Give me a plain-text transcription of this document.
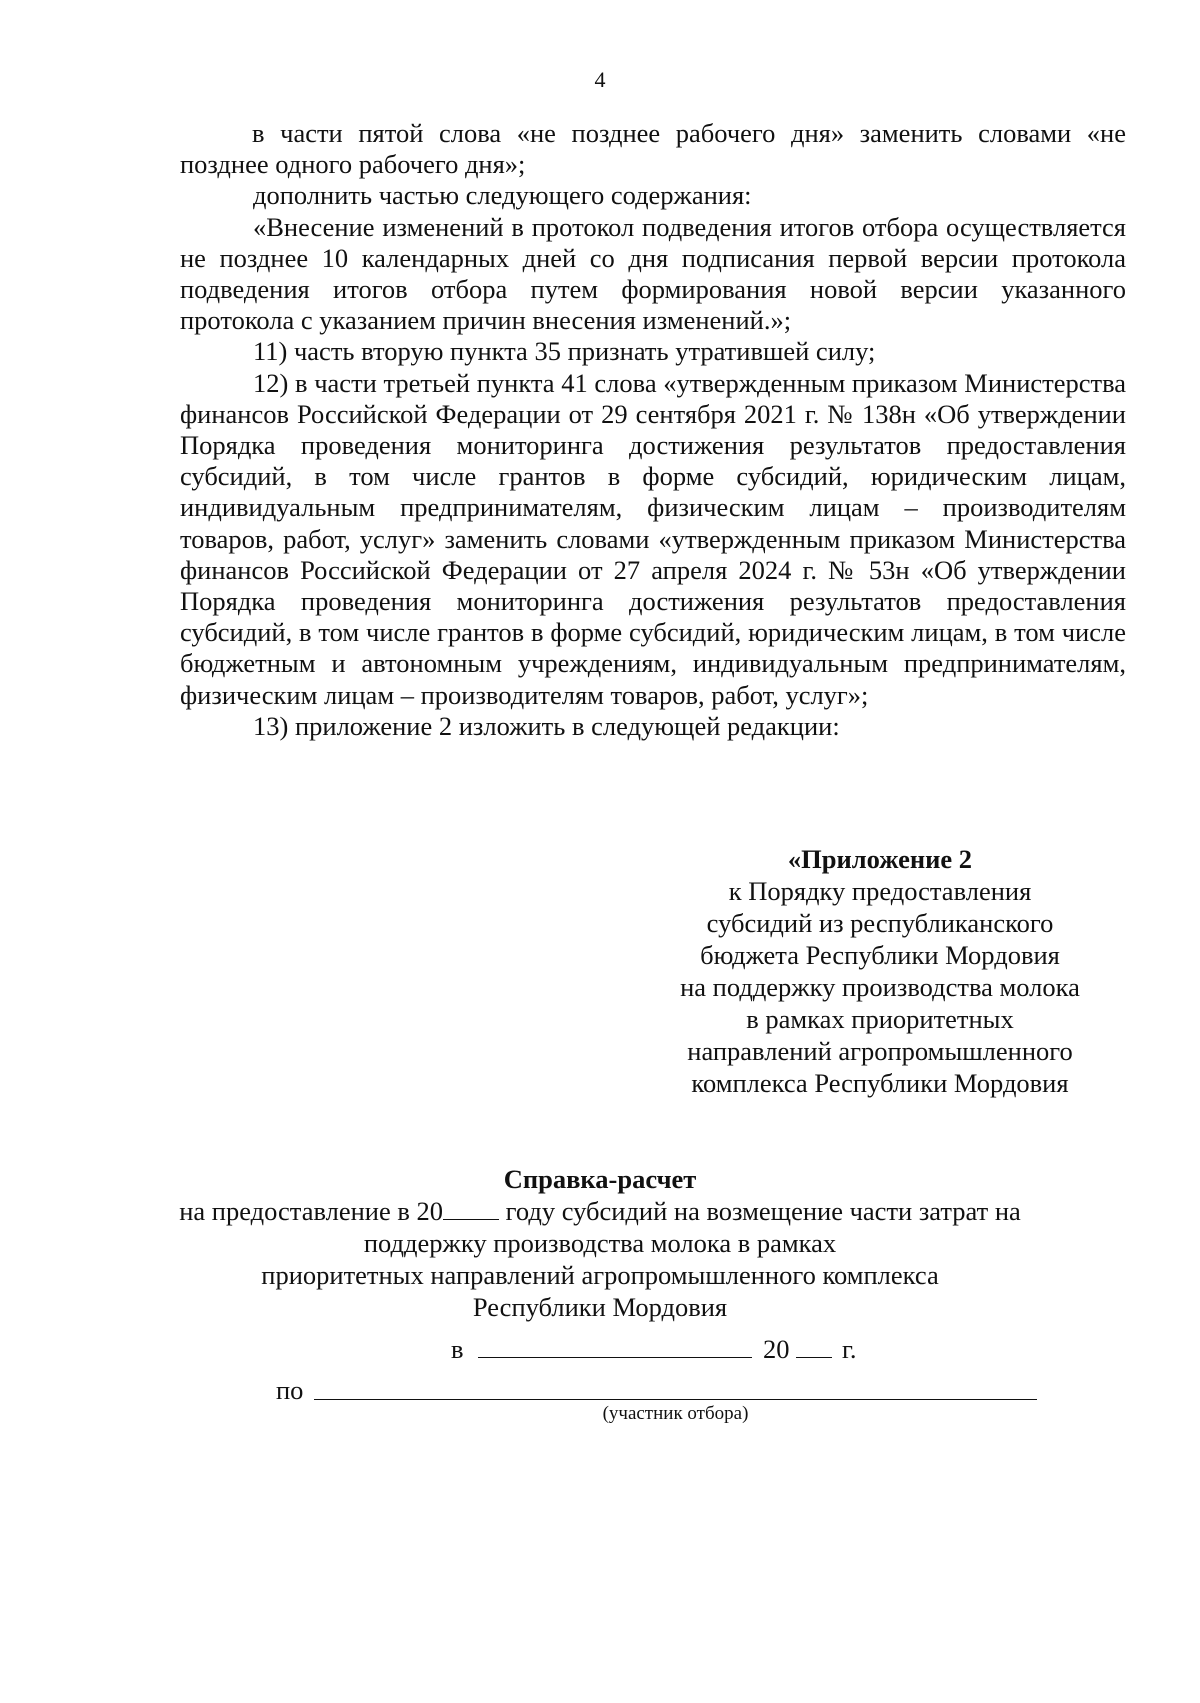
4

в части пятой слова «не позднее рабочего дня» заменить словами «не позднее одного рабочего дня»;

дополнить частью следующего содержания:

«Внесение изменений в протокол подведения итогов отбора осуществляется не позднее 10 календарных дней со дня подписания первой версии протокола подведения итогов отбора путем формирования новой версии указанного протокола с указанием причин внесения изменений.»;

11) часть вторую пункта 35 признать утратившей силу;

12) в части третьей пункта 41 слова «утвержденным приказом Министерства финансов Российской Федерации от 29 сентября 2021 г. № 138н «Об утверждении Порядка проведения мониторинга достижения результатов предоставления субсидий, в том числе грантов в форме субсидий, юридическим лицам, индивидуальным предпринимателям, физическим лицам – производителям товаров, работ, услуг» заменить словами «утвержденным приказом Министерства финансов Российской Федерации от 27 апреля 2024 г. № 53н «Об утверждении Порядка проведения мониторинга достижения результатов предоставления субсидий, в том числе грантов в форме субсидий, юридическим лицам, в том числе бюджетным и автономным учреждениям, индивидуальным предпринимателям, физическим лицам – производителям товаров, работ, услуг»;

13) приложение 2 изложить в следующей редакции:

«Приложение 2
к Порядку предоставления
субсидий из республиканского
бюджета Республики Мордовия
на поддержку производства молока
в рамках приоритетных
направлений агропромышленного
комплекса Республики Мордовия
Справка-расчет
на предоставление в 20 году субсидий на возмещение части затрат на
поддержку производства молока в рамках
приоритетных направлений агропромышленного комплекса
Республики Мордовия
в	20 г.
по
(участник отбора)
